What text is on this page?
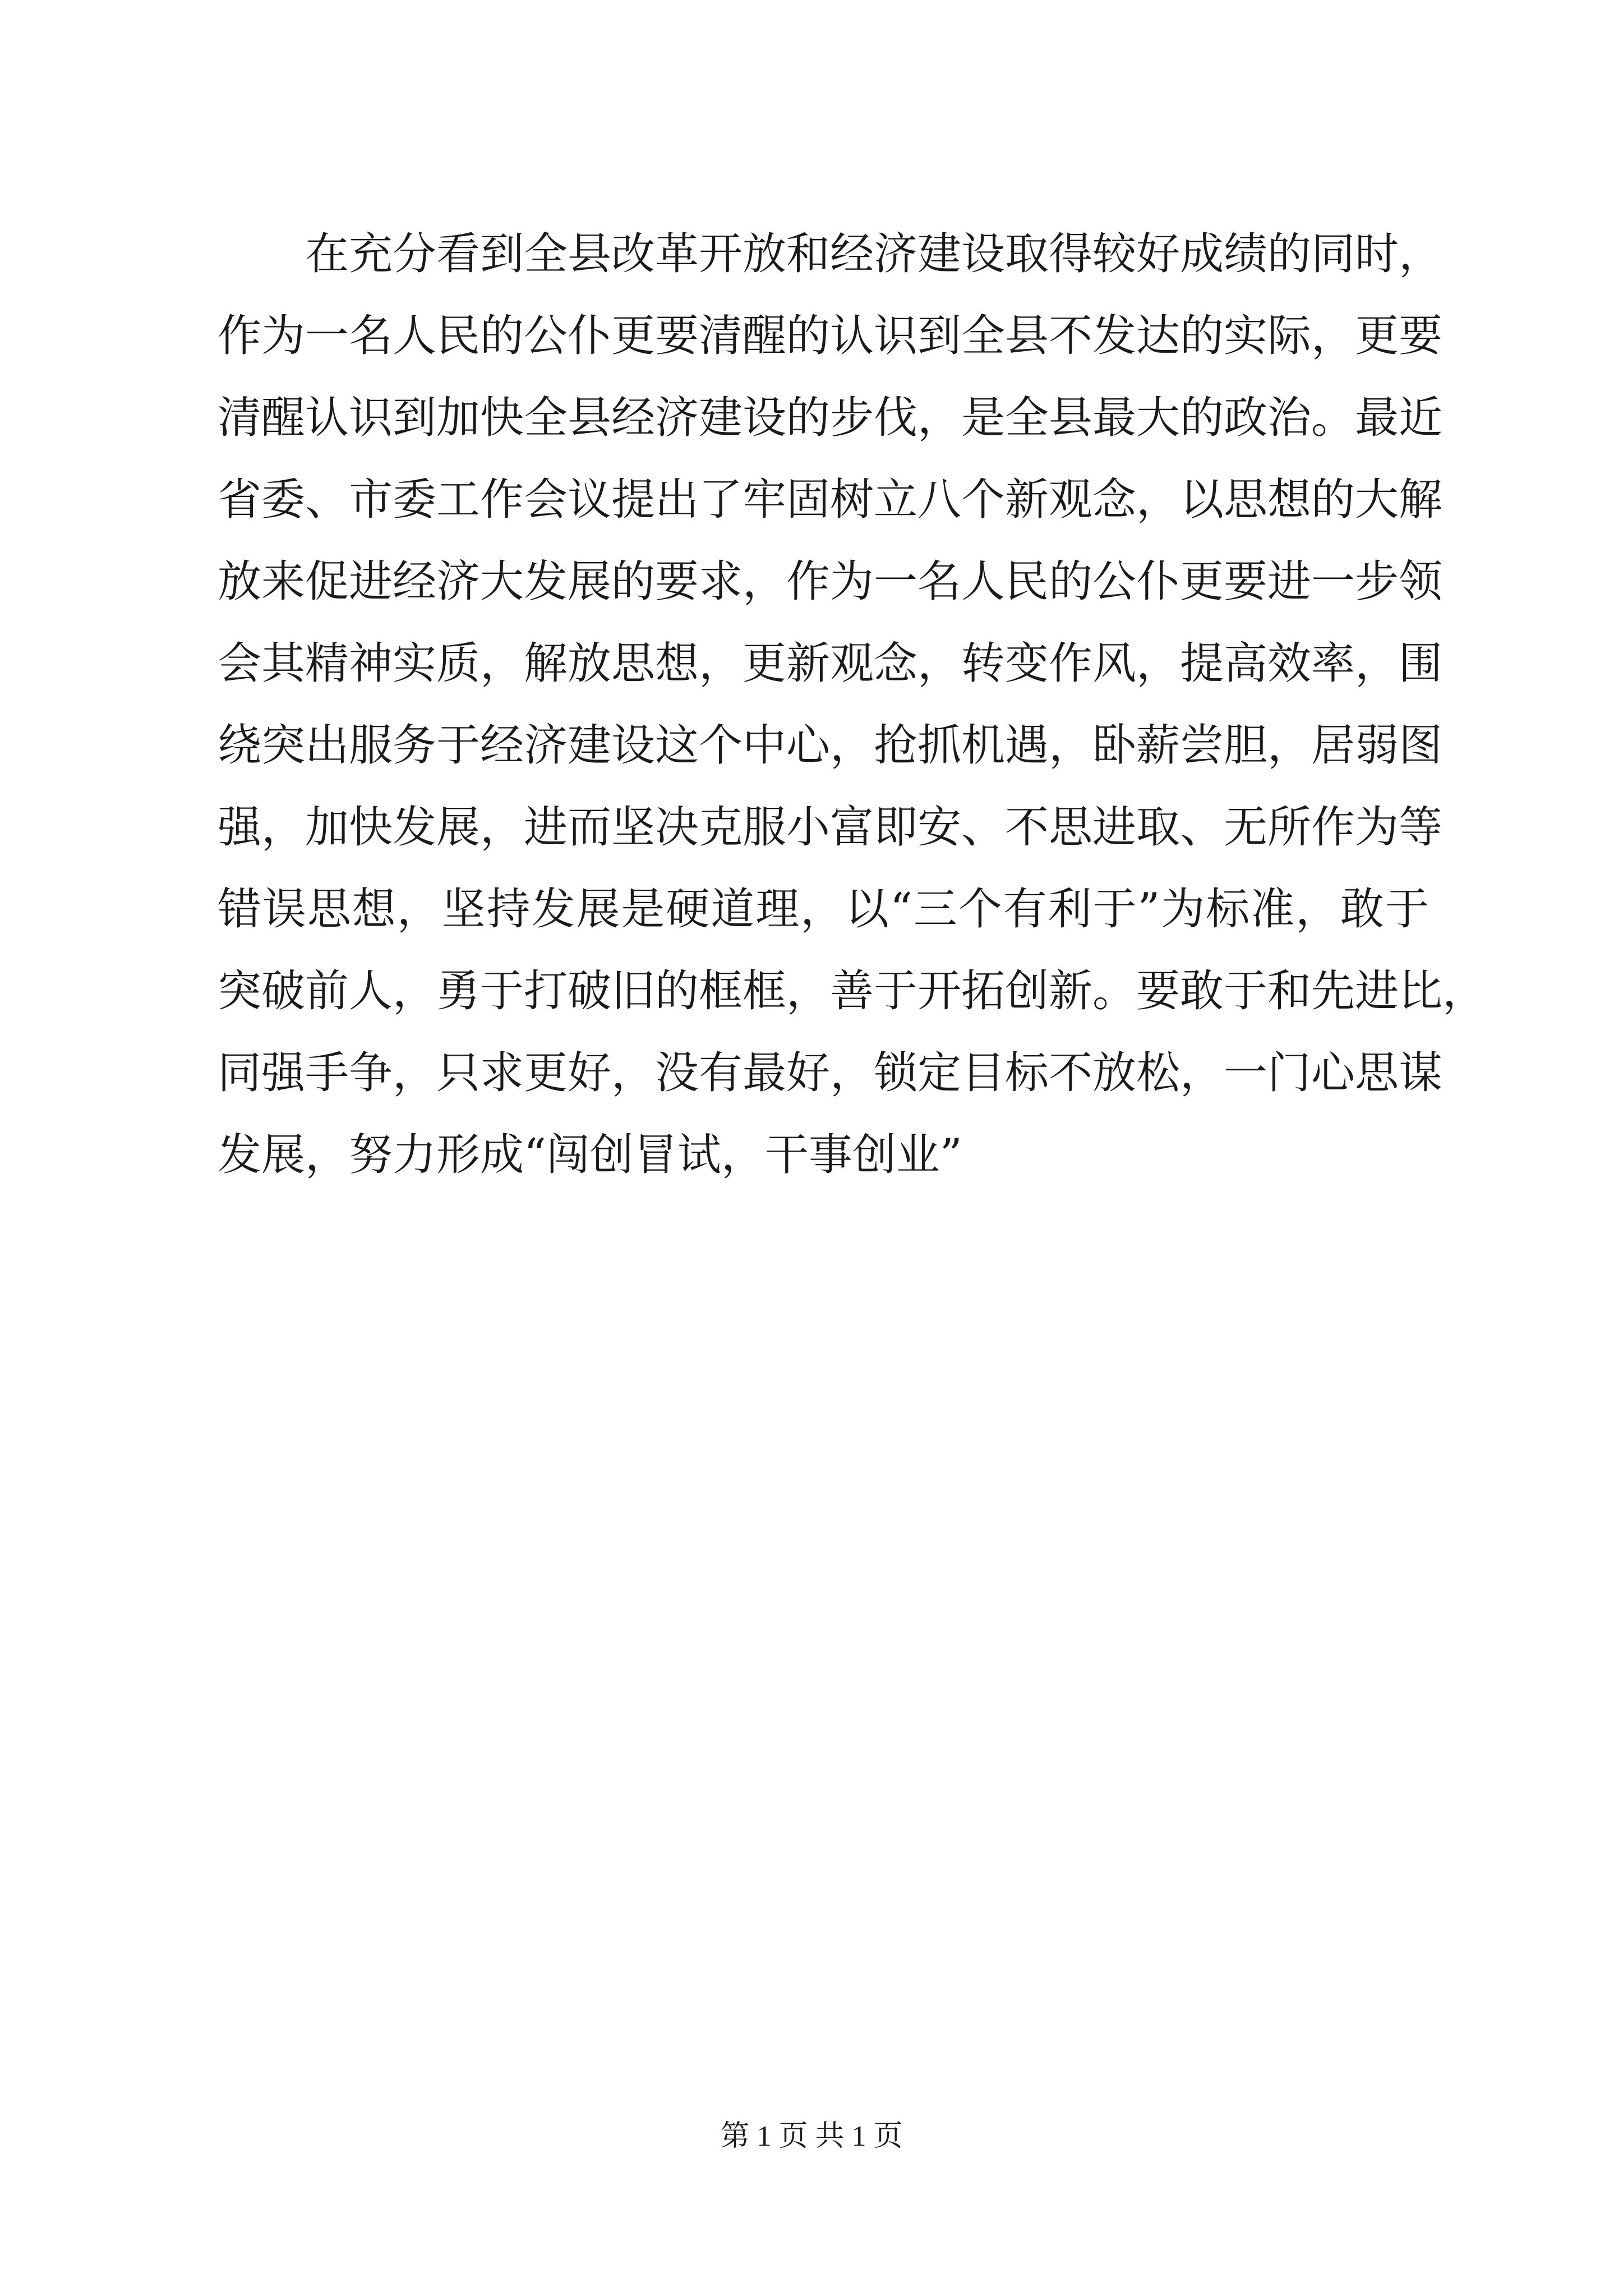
在充分看到全县改革开放和经济建设取得较好成绩的同时，
作为一名人民的公仆更要清醒的认识到全县不发达的实际，更要
清醒认识到加快全县经济建设的步伐，是全县最大的政治。最近
省委、市委工作会议提出了牢固树立八个新观念，以思想的大解
放来促进经济大发展的要求，作为一名人民的公仆更要进一步领
会其精神实质，解放思想，更新观念，转变作风，提高效率，围
绕突出服务于经济建设这个中心，抢抓机遇，卧薪尝胆，居弱图
强，加快发展，进而坚决克服小富即安、不思进取、无所作为等
错误思想，坚持发展是硬道理，以“三个有利于”为标准，敢于
突破前人，勇于打破旧的框框，善于开拓创新。要敢于和先进比，
同强手争，只求更好，没有最好，锁定目标不放松，一门心思谋
发展，努力形成“闯创冒试，干事创业”
第 1 页 共 1 页
